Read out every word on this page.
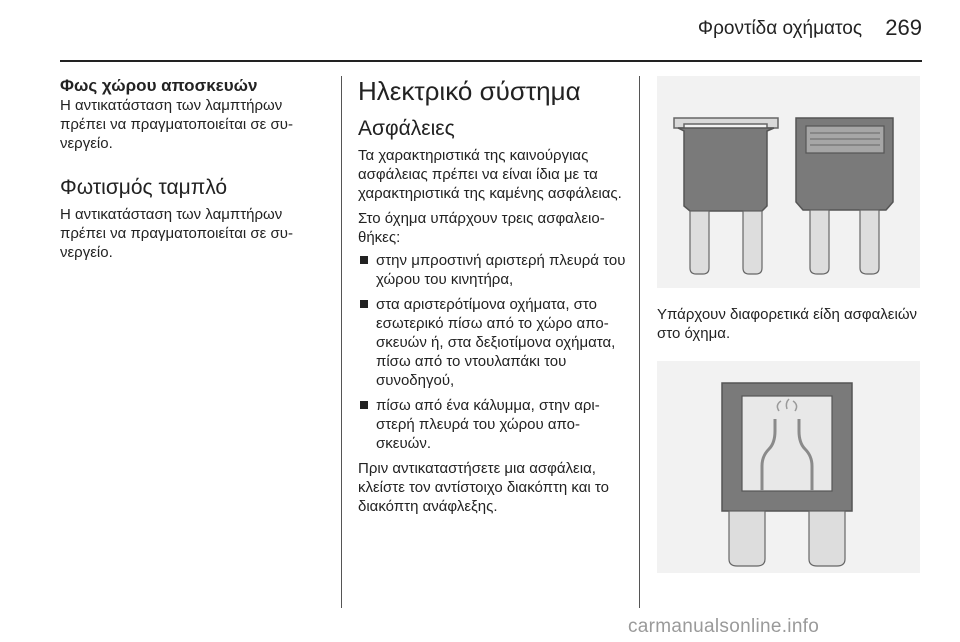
Φροντίδα οχήματος	269

Φως χώρου αποσκευών

Η αντικατάσταση των λαμπτήρων πρέπει να πραγματοποιείται σε συνεργείο.

Φωτισμός ταμπλό

Η αντικατάσταση των λαμπτήρων πρέπει να πραγματοποιείται σε συνεργείο.

Ηλεκτρικό σύστημα

Ασφάλειες

Τα χαρακτηριστικά της καινούργιας ασφάλειας πρέπει να είναι ίδια με τα χαρακτηριστικά της καμένης ασφάλειας.

Στο όχημα υπάρχουν τρεις ασφαλειοθήκες:

στην μπροστινή αριστερή πλευρά του χώρου του κινητήρα,
στα αριστερότίμονα οχήματα, στο εσωτερικό πίσω από το χώρο αποσκευών ή, στα δεξιοτίμονα οχήματα, πίσω από το ντουλαπάκι του συνοδηγού,
πίσω από ένα κάλυμμα, στην αριστερή πλευρά του χώρου αποσκευών.

Πριν αντικαταστήσετε μια ασφάλεια, κλείστε τον αντίστοιχο διακόπτη και το διακόπτη ανάφλεξης.

Υπάρχουν διαφορετικά είδη ασφαλειών στο όχημα.

carmanualsonline.info
